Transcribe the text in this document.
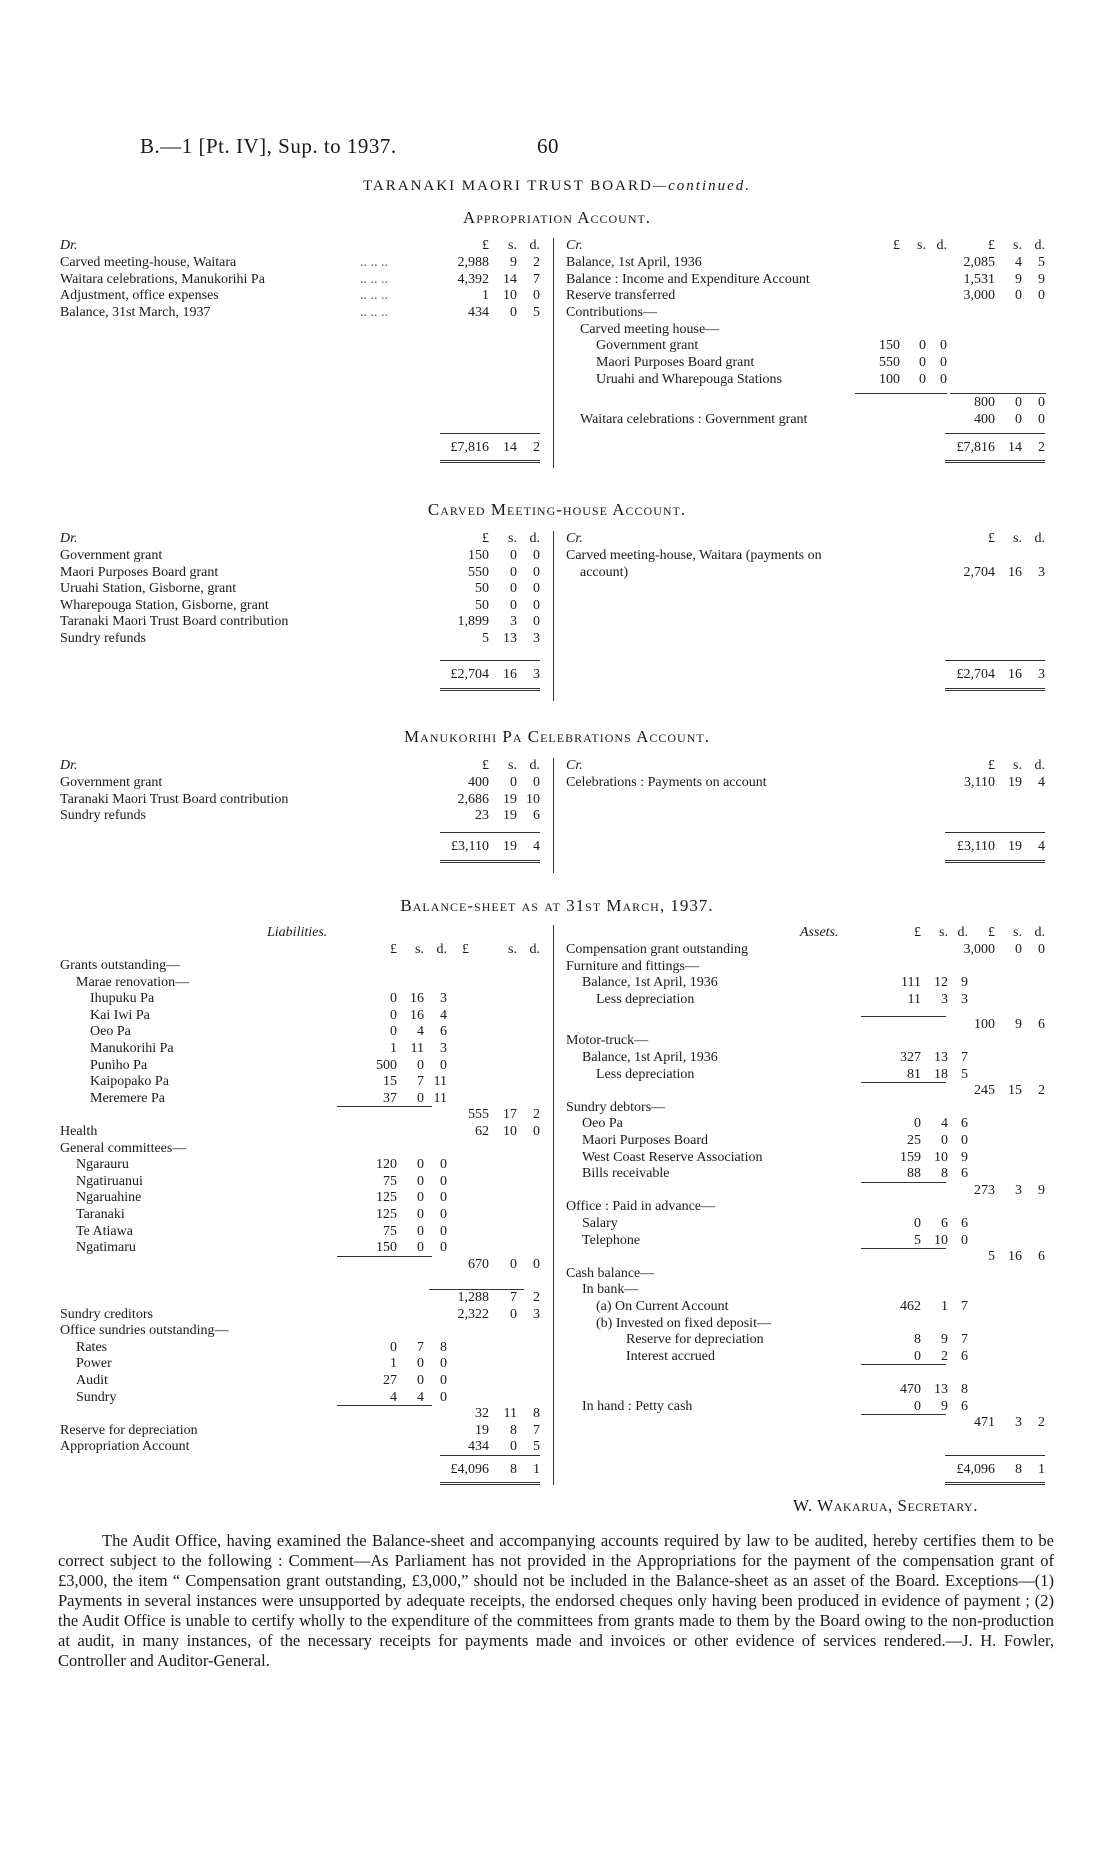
B.—1 [Pt. IV], Sup. to 1937.	60
TARANAKI MAORI TRUST BOARD—continued.
Appropriation Account.
Dr.	£	s. d.
Carved meeting-house, Waitara	.. .. ..	2,988	9	2
Waitara celebrations, Manukorihi Pa	.. .. ..	4,392	14	7
Adjustment, office expenses	.. .. ..	1	10	0
Balance, 31st March, 1937	.. .. ..	434	0	5
Cr.	£	s. d.	£	s. d.
Balance, 1st April, 1936	2,085	4	5
Balance : Income and Expenditure Account	1,531	9	9
Reserve transferred	3,000	0	0
Contributions—
Carved meeting house—
Government grant	150	0	0
Maori Purposes Board grant	550	0	0
Uruahi and Wharepouga Stations	100	0	0
800	0	0
Waitara celebrations : Government grant	400	0	0
£7,816	14	2	£7,816 14	2
Carved Meeting-house Account.
Dr.	£	s. d.
Government grant	150	0	0
Maori Purposes Board grant	550	0	0
Uruahi Station, Gisborne, grant	50	0	0
Wharepouga Station, Gisborne, grant	50	0	0
Taranaki Maori Trust Board contribution	1,899	3	0
Sundry refunds	5	13	3
Cr.	£	s. d.
Carved meeting-house, Waitara (payments on
account)	2,704 16	3
£2,704	16	3	£2,704 16	3
Manukorihi Pa Celebrations Account.
Dr.	£	s. d.
Government grant	400	0	0
Taranaki Maori Trust Board contribution	2,686	19 10
Sundry refunds	23	19	6
Cr.	£	s. d.
Celebrations : Payments on account	3,110 19	4
£3,110	19	4	£3,110 19	4
Balance-sheet as at 31st March, 1937.
Liabilities.	Assets.
£	s. d.	£	s. d.
£	s. d.	£	s. d.
Grants outstanding—
Marae renovation—
Ihupuku Pa	0 16	3
Kai Iwi Pa	0 16	4
Oeo Pa	0	4	6
Manukorihi Pa	1 11	3
Puniho Pa	500	0	0
Kaipopako Pa	15	7 11
Meremere Pa	37	0 11
555	17	2
Health	62	10	0
General committees—
Ngarauru	120	0	0
Ngatiruanui	75	0	0
Ngaruahine	125	0	0
Taranaki	125	0	0
Te Atiawa	75	0	0
Ngatimaru	150	0	0
670	0	0
1,288	7	2
Sundry creditors	2,322	0	3
Office sundries outstanding—
Rates	0	7	8
Power	1	0	0
Audit	27	0	0
Sundry	4	4	0
32	11	8
Reserve for depreciation	19	8	7
Appropriation Account	434	0	5
Compensation grant outstanding	3,000	0	0
Furniture and fittings—
Balance, 1st April, 1936	111 12 9
Less depreciation	11	3 3
100	9	6
Motor-truck—
Balance, 1st April, 1936	327 13 7
Less depreciation	81 18 5
245 15	2
Sundry debtors—
Oeo Pa	0	4 6
Maori Purposes Board	25	0 0
West Coast Reserve Association	159 10 9
Bills receivable	88	8 6
273	3	9
Office : Paid in advance—
Salary	0	6 6
Telephone	5 10 0
5 16	6
Cash balance—
In bank—
(a) On Current Account	462	1 7
(b) Invested on fixed deposit—
Reserve for depreciation	8	9 7
Interest accrued	0	2 6
470 13 8
In hand : Petty cash	0	9 6
471	3	2
£4,096	8	1	£4,096	8	1
W. Wakarua, Secretary.
The Audit Office, having examined the Balance-sheet and accompanying accounts required by law to be audited, hereby certifies them to be correct subject to the following : Comment—As Parliament has not provided in the Appropriations for the payment of the compensation grant of £3,000, the item “ Compensation grant outstanding, £3,000,” should not be included in the Balance-sheet as an asset of the Board. Exceptions—(1) Payments in several instances were unsupported by adequate receipts, the endorsed cheques only having been produced in evidence of payment ; (2) the Audit Office is unable to certify wholly to the expenditure of the committees from grants made to them by the Board owing to the non-production at audit, in many instances, of the necessary receipts for payments made and invoices or other evidence of services rendered.—J. H. Fowler, Controller and Auditor-General.
